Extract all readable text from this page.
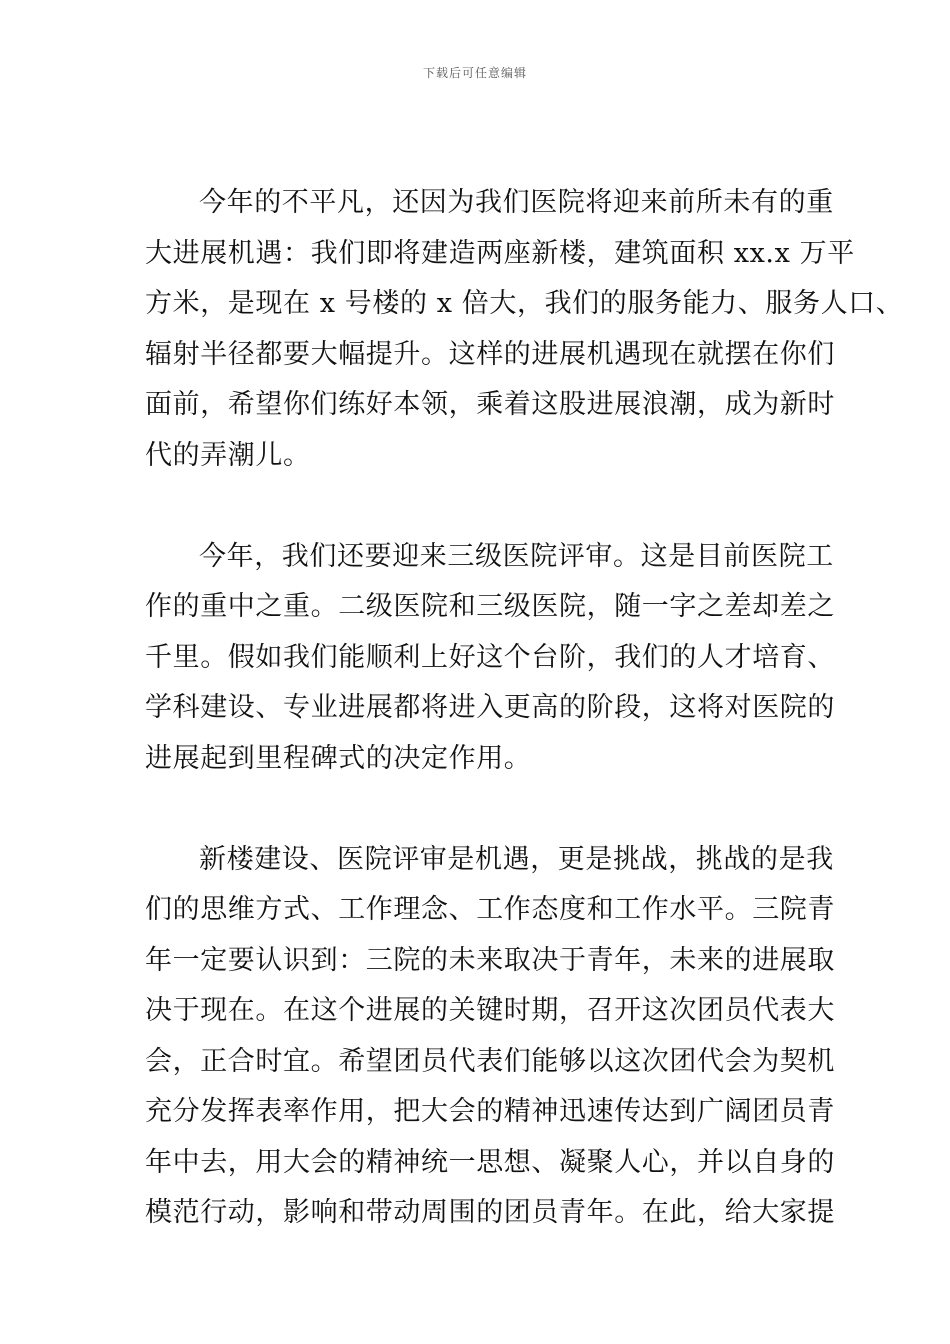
下载后可任意编辑
今年的不平凡，还因为我们医院将迎来前所未有的重
大进展机遇：我们即将建造两座新楼，建筑面积 xx.x 万平
方米，是现在 x 号楼的 x 倍大，我们的服务能力、服务人口、
辐射半径都要大幅提升。这样的进展机遇现在就摆在你们
面前，希望你们练好本领，乘着这股进展浪潮，成为新时
代的弄潮儿。
今年，我们还要迎来三级医院评审。这是目前医院工
作的重中之重。二级医院和三级医院，随一字之差却差之
千里。假如我们能顺利上好这个台阶，我们的人才培育、
学科建设、专业进展都将进入更高的阶段，这将对医院的
进展起到里程碑式的决定作用。
新楼建设、医院评审是机遇，更是挑战，挑战的是我
们的思维方式、工作理念、工作态度和工作水平。三院青
年一定要认识到：三院的未来取决于青年，未来的进展取
决于现在。在这个进展的关键时期，召开这次团员代表大
会，正合时宜。希望团员代表们能够以这次团代会为契机
充分发挥表率作用，把大会的精神迅速传达到广阔团员青
年中去，用大会的精神统一思想、凝聚人心，并以自身的
模范行动，影响和带动周围的团员青年。在此，给大家提
